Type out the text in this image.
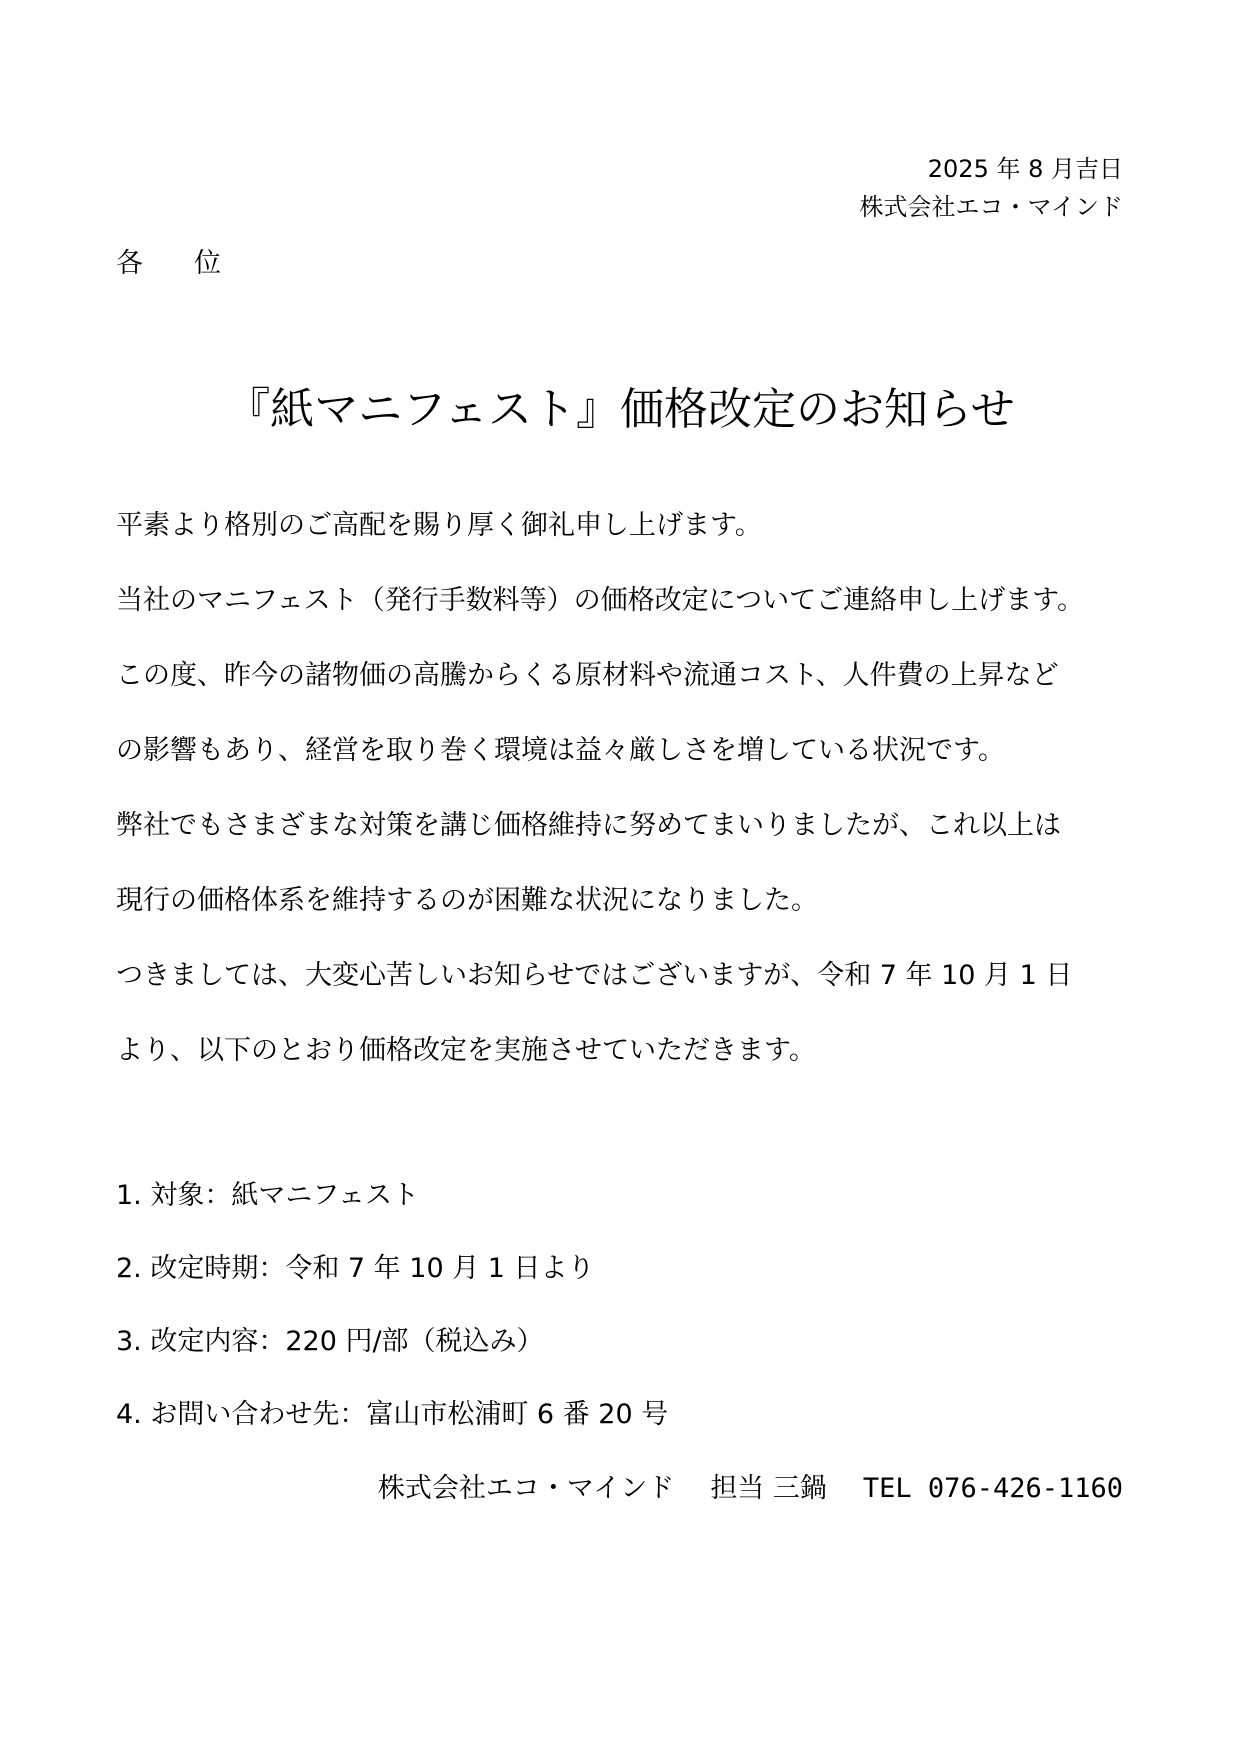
2025 年 8 月吉日
株式会社エコ・マインド
各　位
『紙マニフェスト』価格改定のお知らせ
平素より格別のご高配を賜り厚く御礼申し上げます。
当社のマニフェスト（発行手数料等）の価格改定についてご連絡申し上げます。
この度、昨今の諸物価の高騰からくる原材料や流通コスト、人件費の上昇など
の影響もあり、経営を取り巻く環境は益々厳しさを増している状況です。
弊社でもさまざまな対策を講じ価格維持に努めてまいりましたが、これ以上は
現行の価格体系を維持するのが困難な状況になりました。
つきましては、大変心苦しいお知らせではございますが、令和 7 年 10 月 1 日
より、以下のとおり価格改定を実施させていただきます。
1. 対象：紙マニフェスト
2. 改定時期：令和 7 年 10 月 1 日より
3. 改定内容：220 円/部（税込み）
4. お問い合わせ先：富山市松浦町 6 番 20 号
株式会社エコ・マインド 担当 三鍋 TEL 076-426-1160
